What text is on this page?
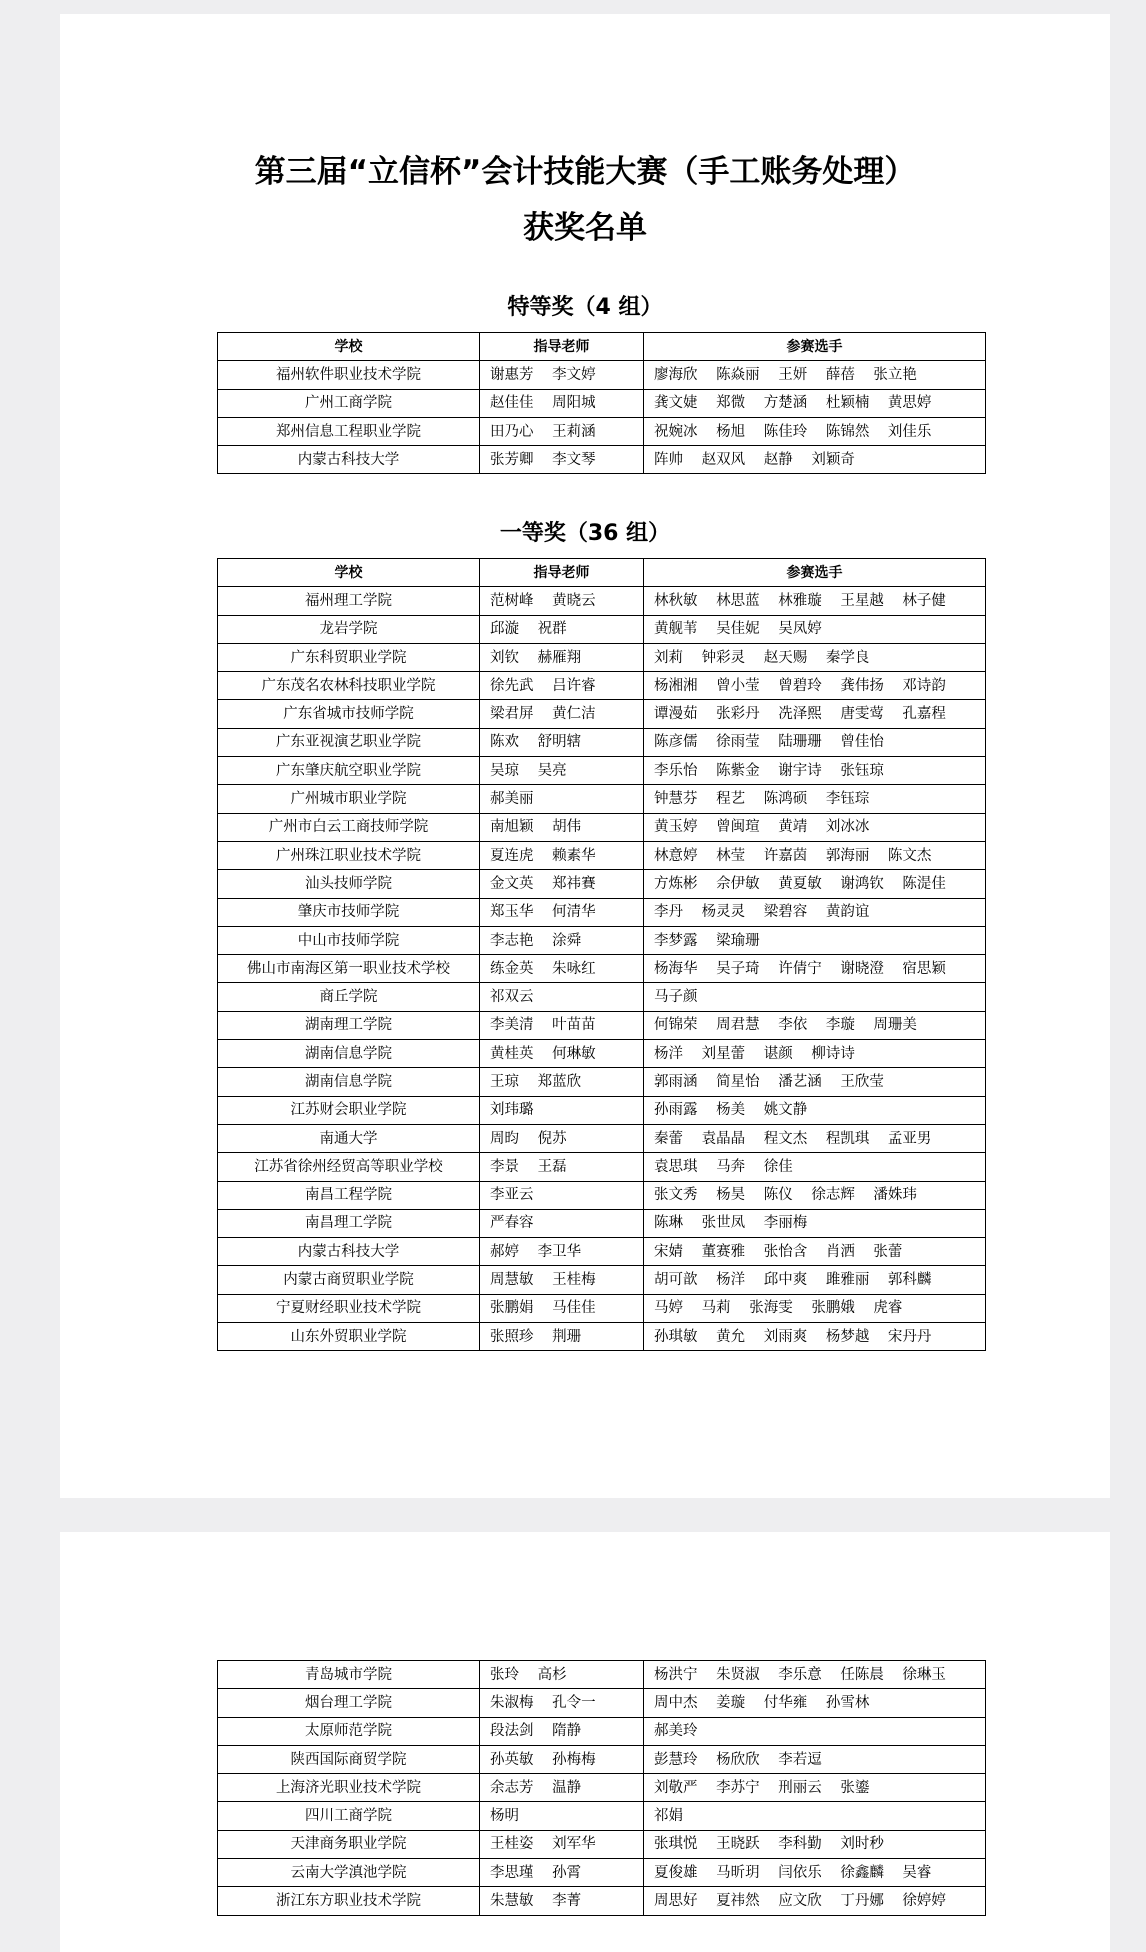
第三届“立信杯”会计技能大赛（手工账务处理）
获奖名单
特等奖（4 组）
学校	指导老师	参赛选手
福州软件职业技术学院	谢惠芳 李文婷	廖海欣 陈焱丽 王妍 薛蓓 张立艳
广州工商学院	赵佳佳 周阳城	龚文婕 郑微 方楚涵 杜颖楠 黄思婷
郑州信息工程职业学院	田乃心 王莉涵	祝婉冰 杨旭 陈佳玲 陈锦然 刘佳乐
内蒙古科技大学	张芳卿 李文琴	阵帅 赵双风 赵静 刘颖奇
一等奖（36 组）
学校	指导老师	参赛选手
福州理工学院	范树峰 黄晓云	林秋敏 林思蓝 林雅璇 王星越 林子健
龙岩学院	邱漩 祝群	黄舰苇 吴佳妮 吴凤婷
广东科贸职业学院	刘钦 赫雁翔	刘莉 钟彩灵 赵天赐 秦学良
广东茂名农林科技职业学院	徐先武 吕许睿	杨湘湘 曾小莹 曾碧玲 龚伟扬 邓诗韵
广东省城市技师学院	梁君屏 黄仁洁	谭漫茹 张彩丹 冼泽熙 唐雯莺 孔嘉程
广东亚视演艺职业学院	陈欢 舒明辖	陈彦儒 徐雨莹 陆珊珊 曾佳怡
广东肇庆航空职业学院	吴琼 吴亮	李乐怡 陈紫金 谢宇诗 张钰琼
广州城市职业学院	郝美丽	钟慧芬 程艺 陈鸿硕 李钰琮
广州市白云工商技师学院	南旭颖 胡伟	黄玉婷 曾闽瑄 黄靖 刘冰冰
广州珠江职业技术学院	夏连虎 赖素华	林意婷 林莹 许嘉茵 郭海丽 陈文杰
汕头技师学院	金文英 郑祎賽	方炼彬 佘伊敏 黄夏敏 谢鸿钦 陈湜佳
肇庆市技师学院	郑玉华 何清华	李丹 杨灵灵 梁碧容 黄韵谊
中山市技师学院	李志艳 涂舜	李梦露 梁瑜珊
佛山市南海区第一职业技术学校	练金英 朱咏红	杨海华 吴子琦 许倩宁 谢晓澄 宿思颖
商丘学院	祁双云	马子颜
湖南理工学院	李美清 叶苗苗	何锦荣 周君慧 李依 李璇 周珊美
湖南信息学院	黄桂英 何琳敏	杨洋 刘星蕾 谌颜 柳诗诗
湖南信息学院	王琼 郑蓝欣	郭雨涵 简星怡 潘艺涵 王欣莹
江苏财会职业学院	刘玮璐	孙雨露 杨美 姚文静
南通大学	周昀 倪苏	秦蕾 袁晶晶 程文杰 程凯琪 孟亚男
江苏省徐州经贸高等职业学校	李景 王磊	袁思琪 马奔 徐佳
南昌工程学院	李亚云	张文秀 杨昊 陈仪 徐志辉 潘姝玮
南昌理工学院	严春容	陈琳 张世凤 李丽梅
内蒙古科技大学	郝婷 李卫华	宋婧 董赛雅 张怡含 肖洒 张蕾
内蒙古商贸职业学院	周慧敏 王桂梅	胡可歆 杨洋 邱中爽 雎雅丽 郭科麟
宁夏财经职业技术学院	张鹏娟 马佳佳	马婷 马莉 张海雯 张鹏娥 虎睿
山东外贸职业学院	张照珍 荆珊	孙琪敏 黄允 刘雨爽 杨梦越 宋丹丹
青岛城市学院	张玲 高杉	杨洪宁 朱贤淑 李乐意 任陈晨 徐琳玉
烟台理工学院	朱淑梅 孔令一	周中杰 姜璇 付华雍 孙雪林
太原师范学院	段法剑 隋静	郝美玲
陕西国际商贸学院	孙英敏 孙梅梅	彭慧玲 杨欣欣 李若逗
上海济光职业技术学院	余志芳 温静	刘敬严 李苏宁 刑丽云 张鎏
四川工商学院	杨明	祁娟
天津商务职业学院	王桂姿 刘军华	张琪悦 王晓跃 李科勤 刘时秒
云南大学滇池学院	李思瑾 孙霄	夏俊雄 马昕玥 闫依乐 徐鑫麟 吴睿
浙江东方职业技术学院	朱慧敏 李菁	周思好 夏祎然 应文欣 丁丹娜 徐婷婷
